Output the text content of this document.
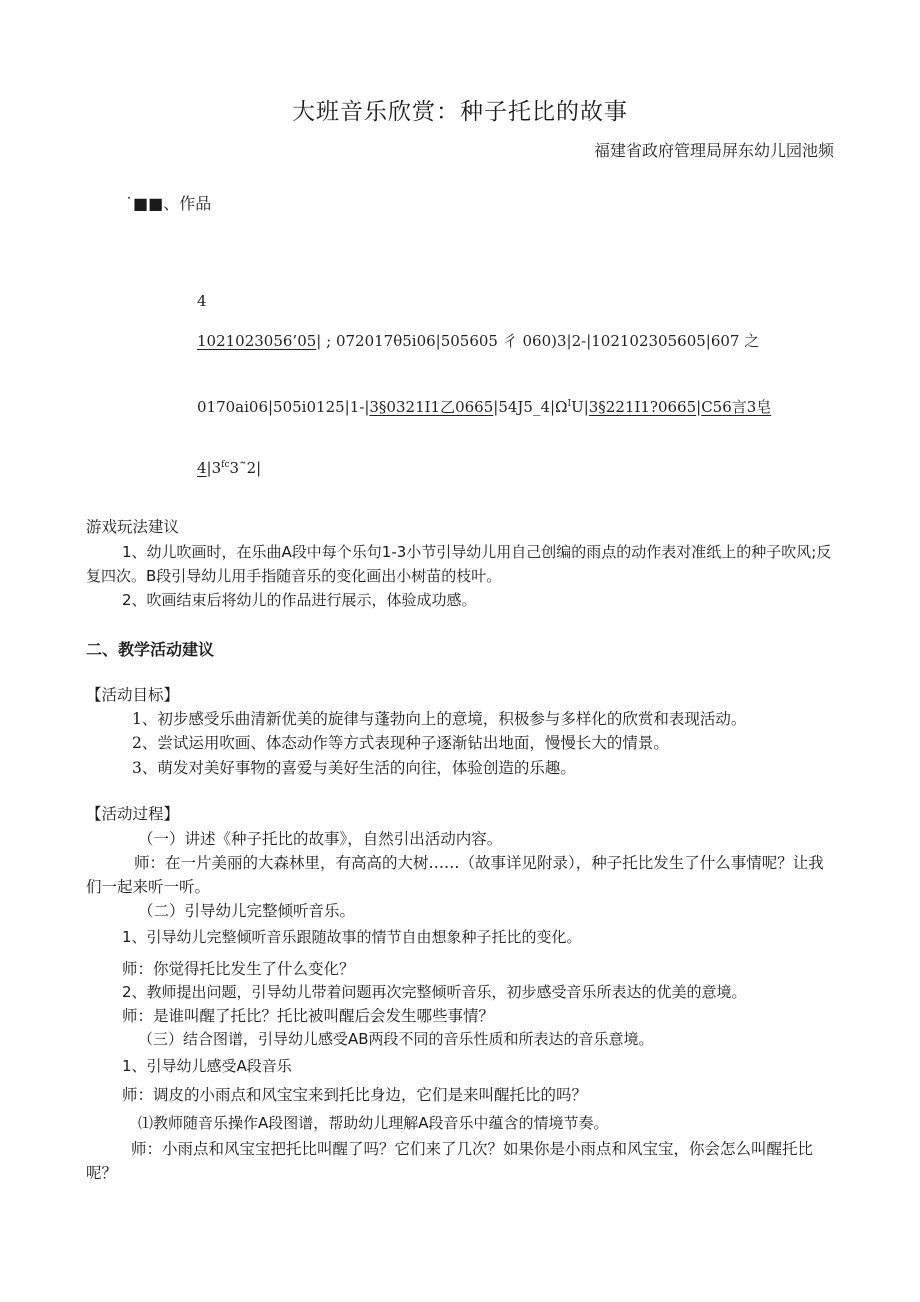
大班音乐欣赏：种子托比的故事
福建省政府管理局屏东幼儿园池频
˙■■、作品
4
1021023056’05| ; 072017θ5i06|505605 彳 060)3|2-|102102305605|607 之
0170ai06|505i0125|1-|3§0321I1乙$0665|54J5\_4|\Omega^IU|3\S 221I1?0665|C56$言3皂
$4|3^{fc}3˜2|$
游戏玩法建议
1、幼儿吹画时，在乐曲A段中每个乐句1-3小节引导幼儿用自己创编的雨点的动作表对准纸上的种子吹风;反复四次。B段引导幼儿用手指随音乐的变化画出小树苗的枝叶。
2、吹画结束后将幼儿的作品进行展示，体验成功感。
二、教学活动建议
【活动目标】
1、初步感受乐曲清新优美的旋律与蓬勃向上的意境，积极参与多样化的欣赏和表现活动。
2、尝试运用吹画、体态动作等方式表现种子逐渐钻出地面，慢慢长大的情景。
3、萌发对美好事物的喜爱与美好生活的向往，体验创造的乐趣。
【活动过程】
（一）讲述《种子托比的故事》，自然引出活动内容。
师：在一片美丽的大森林里，有高高的大树……（故事详见附录），种子托比发生了什么事情呢？让我们一起来听一听。
（二）引导幼儿完整倾听音乐。
1、引导幼儿完整倾听音乐跟随故事的情节自由想象种子托比的变化。
师：你觉得托比发生了什么变化？
2、教师提出问题，引导幼儿带着问题再次完整倾听音乐，初步感受音乐所表达的优美的意境。
师：是谁叫醒了托比？托比被叫醒后会发生哪些事情？
（三）结合图谱，引导幼儿感受AB两段不同的音乐性质和所表达的音乐意境。
1、引导幼儿感受A段音乐
师：调皮的小雨点和风宝宝来到托比身边，它们是来叫醒托比的吗？
⑴教师随音乐操作A段图谱，帮助幼儿理解A段音乐中蕴含的情境节奏。
师：小雨点和风宝宝把托比叫醒了吗？它们来了几次？如果你是小雨点和风宝宝，你会怎么叫醒托比呢？
